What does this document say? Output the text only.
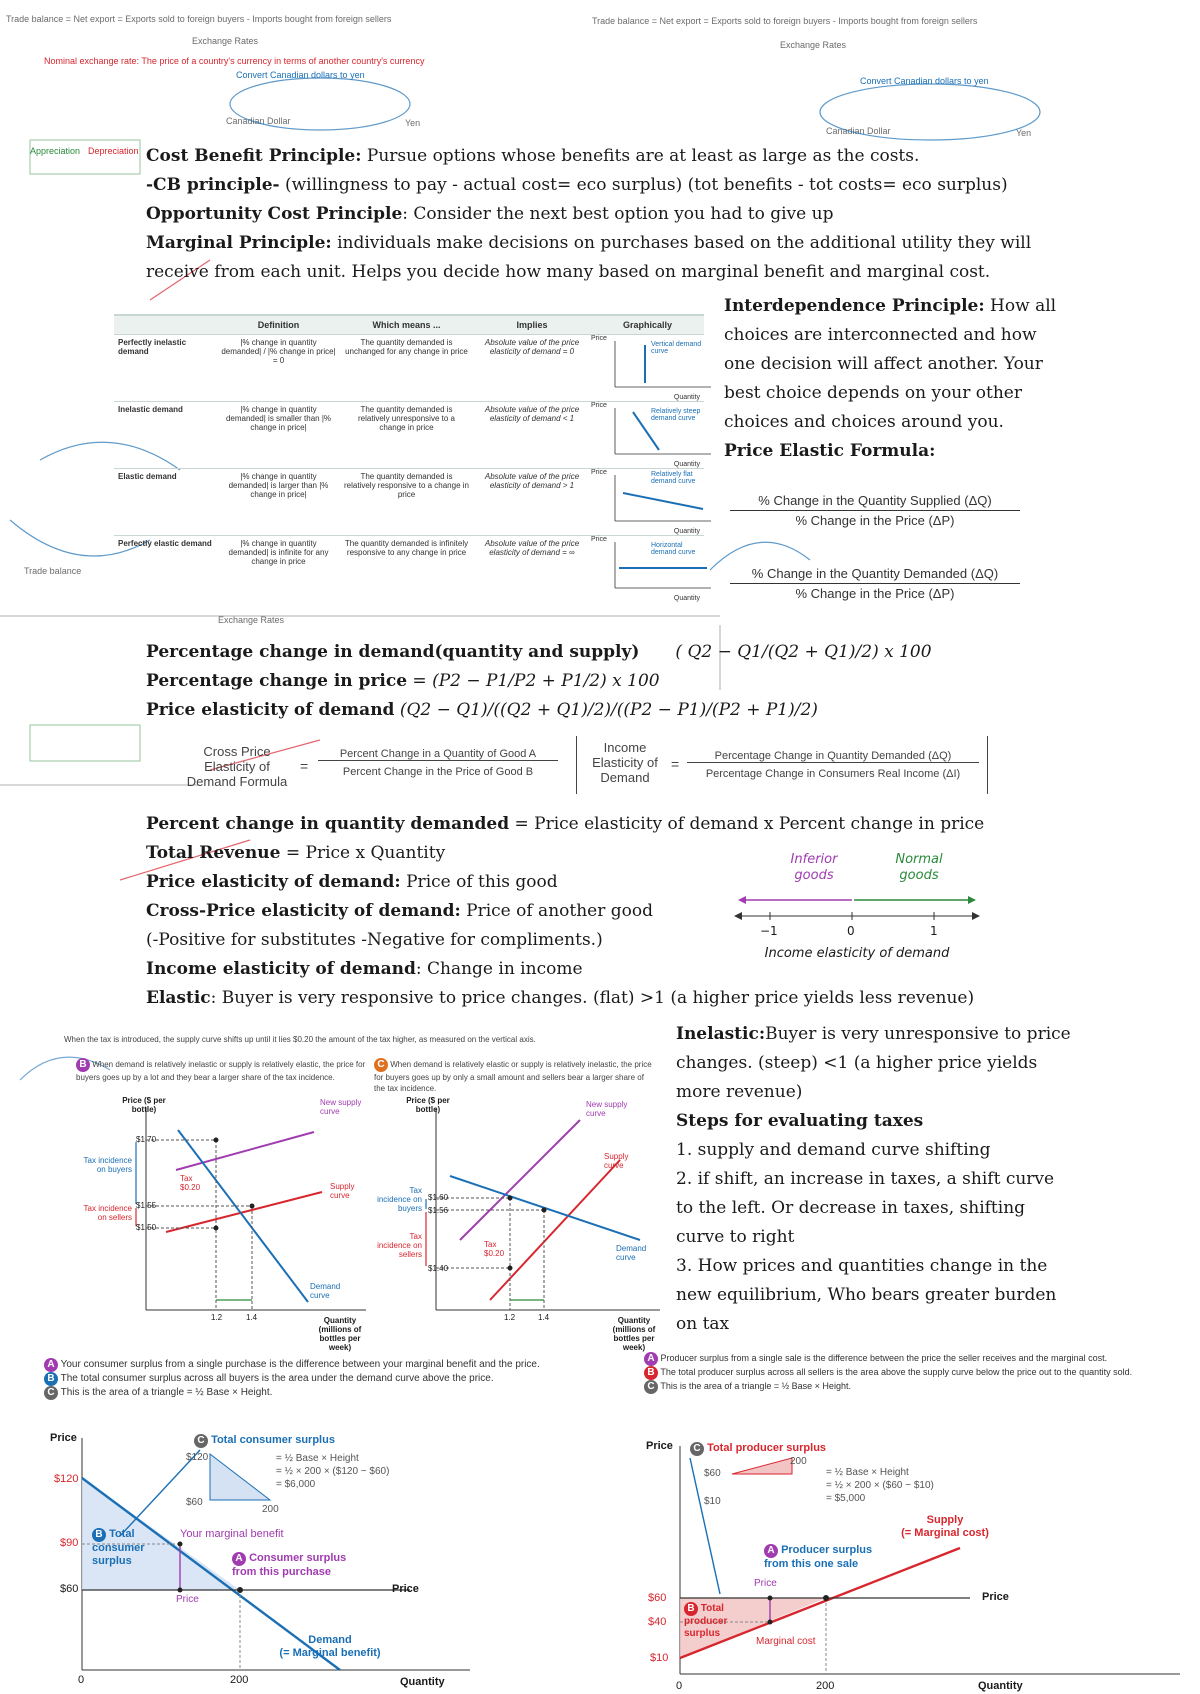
Trade balance = Net export = Exports sold to foreign buyers - Imports bought from foreign sellers	Trade balance = Net export = Exports sold to foreign buyers - Imports bought from foreign sellers
Exchange Rates	Exchange Rates
Nominal exchange rate: The price of a country's currency in terms of another country's currency
Convert Canadian dollars to yen
Convert Canadian dollars to yen
Canadian Dollar	Yen
Canadian Dollar	Yen
Appreciation Depreciation
Trade balance
Exchange Rates
Cost Benefit Principle: Pursue options whose benefits are at least as large as the costs.
-CB principle- (willingness to pay - actual cost= eco surplus) (tot benefits - tot costs= eco surplus)
Opportunity Cost Principle: Consider the next best option you had to give up
Marginal Principle: individuals make decisions on purchases based on the additional utility they will receive from each unit. Helps you decide how many based on marginal benefit and marginal cost.
Interdependence Principle: How all choices are interconnected and how one decision will affect another. Your best choice depends on your other choices and choices around you.
Price Elastic Formula:
	Definition	Which means ...	Implies	Graphically
Perfectly inelastic demand	|% change in quantity demanded| / |% change in price| = 0	The quantity demanded is unchanged for any change in price	Absolute value of the price elasticity of demand = 0	Vertical demand curve
Price
Quantity

Inelastic demand	|% change in quantity demanded| is smaller than |% change in price|	The quantity demanded is relatively unresponsive to a change in price	Absolute value of the price elasticity of demand < 1	Relatively steep demand curve
Price
Quantity

Elastic demand	|% change in quantity demanded| is larger than |% change in price|	The quantity demanded is relatively responsive to a change in price	Absolute value of the price elasticity of demand > 1	Relatively flat demand curve
Price
Quantity

Perfectly elastic demand	|% change in quantity demanded| is infinite for any change in price	The quantity demanded is infinitely responsive to any change in price	Absolute value of the price elasticity of demand = ∞	Horizontal demand curve
Price
Quantity
% Change in the Quantity Supplied (ΔQ)
% Change in the Price (ΔP)
% Change in the Quantity Demanded (ΔQ)
% Change in the Price (ΔP)
Percentage change in demand(quantity and supply) ( Q2 − Q1/(Q2 + Q1)/2) x 100
Percentage change in price = (P2 − P1/P2 + P1/2) x 100
Price elasticity of demand (Q2 − Q1)/((Q2 + Q1)/2)/((P2 − P1)/(P2 + P1)/2)
Cross Price Elasticity of Demand Formula
=
Percent Change in a Quantity of Good A
Percent Change in the Price of Good B
Income Elasticity of Demand
=	Percentage Change in Quantity Demanded (ΔQ)
Percentage Change in Consumers Real Income (ΔI)
Percent change in quantity demanded = Price elasticity of demand x Percent change in price
Total Revenue = Price x Quantity
Price elasticity of demand: Price of this good
Cross-Price elasticity of demand: Price of another good
(-Positive for substitutes -Negative for compliments.)
Income elasticity of demand: Change in income
Elastic: Buyer is very responsive to price changes. (flat) >1 (a higher price yields less revenue)
Inferior goods
Normal goods
−1	0	1
Income elasticity of demand
Inelastic:Buyer is very unresponsive to price changes. (steep) <1 (a higher price yields more revenue)
Steps for evaluating taxes
1. supply and demand curve shifting
2. if shift, an increase in taxes, a shift curve to the left. Or decrease in taxes, shifting curve to right
3. How prices and quantities change in the new equilibrium, Who bears greater burden on tax
When the tax is introduced, the supply curve shifts up until it lies $0.20 the amount of the tax higher, as measured on the vertical axis.
B When demand is relatively inelastic or supply is relatively elastic, the price for buyers goes up by a lot and they bear a larger share of the tax incidence.
C When demand is relatively elastic or supply is relatively inelastic, the price for buyers goes up by only a small amount and sellers bear a larger share of the tax incidence.
Price ($ per bottle)
New supply curve
Supply curve
Demand curve
Tax incidence on buyers
Tax incidence on sellers
Tax $0.20
$1.70
$1.55
$1.50
1.2	1.4	Quantity (millions of bottles per week)
Price ($ per bottle)
New supply curve
Supply curve
Demand curve
Tax incidence on buyers
Tax incidence on sellers
Tax $0.20
$1.60
$1.56
$1.40
1.2	1.4	Quantity (millions of bottles per week)
A Your consumer surplus from a single purchase is the difference between your marginal benefit and the price.
B The total consumer surplus across all buyers is the area under the demand curve above the price.
C This is the area of a triangle = ½ Base × Height.
Price
$120
$90
$60
0	200	Quantity
C Total consumer surplus
$120
$60
200
= ½ Base × Height
= ½ × 200 × ($120 − $60)
= $6,000
B Total consumer surplus
Your marginal benefit
A Consumer surplus from this purchase
Price
Price
Demand
(= Marginal benefit)
A Producer surplus from a single sale is the difference between the price the seller receives and the marginal cost.
B The total producer surplus across all sellers is the area above the supply curve below the price out to the quantity sold.
C This is the area of a triangle = ½ Base × Height.
Price
$60
$40
$10
0	200	Quantity
C Total producer surplus
$60
$10
200
= ½ Base × Height
= ½ × 200 × ($60 − $10)
= $5,000
Supply
(= Marginal cost)
A Producer surplus from this one sale
Price
Price
B Total producer surplus
Marginal cost
